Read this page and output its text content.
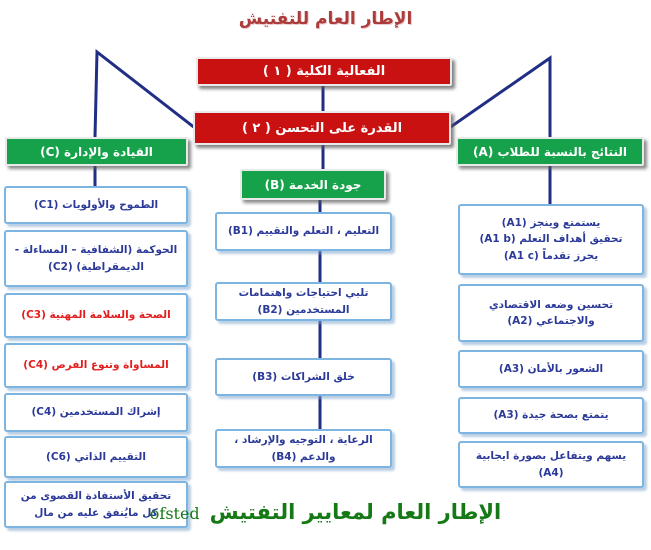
الإطار العام للتفتيش
الفعالية الكلية ( ١ )
القدرة على التحسن ( ٢ )
القيادة والإدارة (C)
جودة الخدمة (B)
النتائج بالنسبة للطلاب (A)
الطموح والأولويات (C1)
الحوكمة (الشفافية – المساءلة - الديمقراطية) (C2)
الصحة والسلامة المهنية (C3)
المساواة وتنوع الفرص (C4)
إشراك المستخدمين (C4)
التقييم الذاتي (C6)
تحقيق الأستفادة القصوى من كل مايُنفق عليه من مال
التعليم ، التعلم والتقييم (B1)
تلبي احتياجات واهتمامات المستخدمين (B2)
خلق الشراكات (B3)
الرعاية ، التوجيه والإرشاد ، والدعم (B4)
يستمتع وينجز (A1)
تحقيق أهداف التعلم (A1 b)
يحرز تقدماً (A1 c)
تحسين وضعه الاقتصادي والاجتماعي (A2)
الشعور بالأمان (A3)
يتمتع بصحة جيدة (A3)
يسهم ويتفاعل بصورة ايجابية (A4)
الإطار العام لمعايير التفتيش
ofsted
